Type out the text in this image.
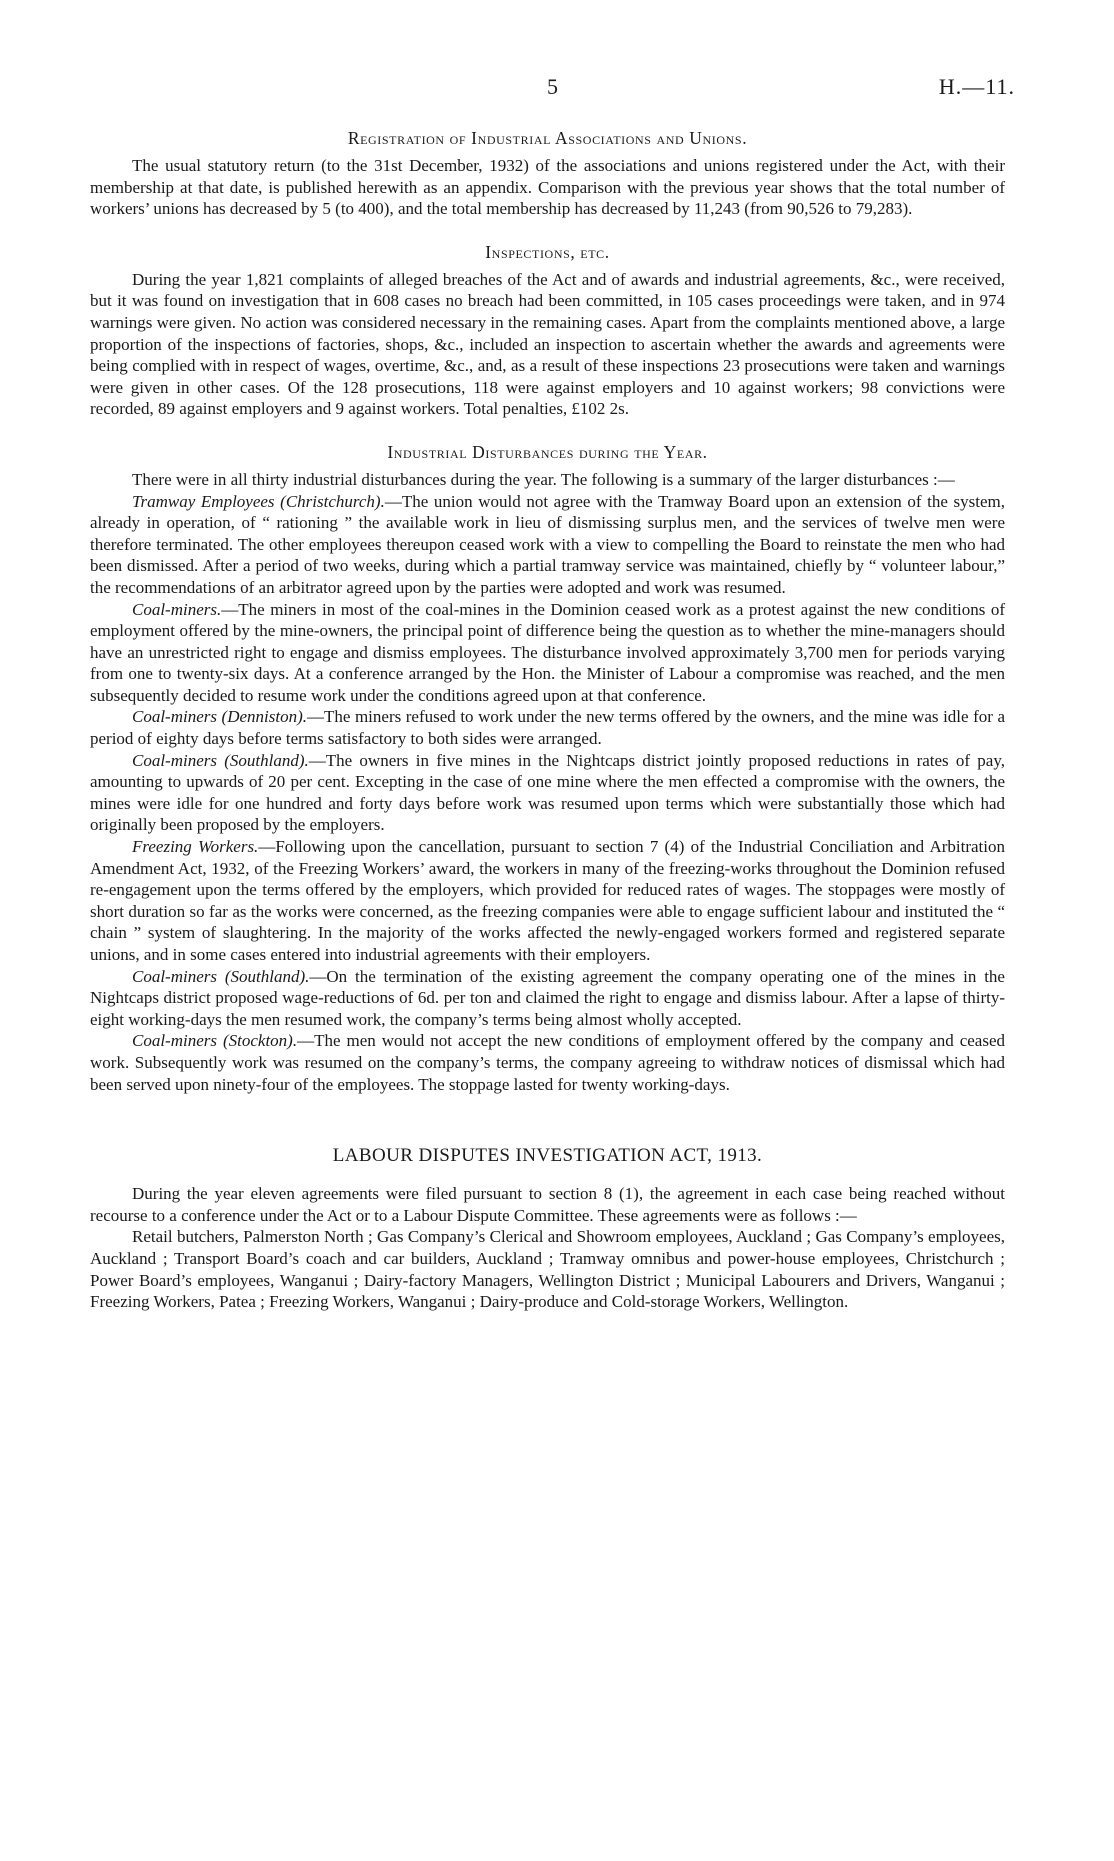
5	H.—11.
Registration of Industrial Associations and Unions.

The usual statutory return (to the 31st December, 1932) of the associations and unions registered under the Act, with their membership at that date, is published herewith as an appendix. Comparison with the previous year shows that the total number of workers’ unions has decreased by 5 (to 400), and the total membership has decreased by 11,243 (from 90,526 to 79,283).

Inspections, etc.

During the year 1,821 complaints of alleged breaches of the Act and of awards and industrial agreements, &c., were received, but it was found on investigation that in 608 cases no breach had been committed, in 105 cases proceedings were taken, and in 974 warnings were given. No action was considered necessary in the remaining cases. Apart from the complaints mentioned above, a large proportion of the inspections of factories, shops, &c., included an inspection to ascertain whether the awards and agreements were being complied with in respect of wages, overtime, &c., and, as a result of these inspections 23 prosecutions were taken and warnings were given in other cases. Of the 128 prosecutions, 118 were against employers and 10 against workers; 98 convictions were recorded, 89 against employers and 9 against workers. Total penalties, £102 2s.

Industrial Disturbances during the Year.

There were in all thirty industrial disturbances during the year. The following is a summary of the larger disturbances :—

Tramway Employees (Christchurch).—The union would not agree with the Tramway Board upon an extension of the system, already in operation, of “ rationing ” the available work in lieu of dismissing surplus men, and the services of twelve men were therefore terminated. The other employees thereupon ceased work with a view to compelling the Board to reinstate the men who had been dismissed. After a period of two weeks, during which a partial tramway service was maintained, chiefly by “ volunteer labour,” the recommendations of an arbitrator agreed upon by the parties were adopted and work was resumed.

Coal-miners.—The miners in most of the coal-mines in the Dominion ceased work as a protest against the new conditions of employment offered by the mine-owners, the principal point of difference being the question as to whether the mine-managers should have an unrestricted right to engage and dismiss employees. The disturbance involved approximately 3,700 men for periods varying from one to twenty-six days. At a conference arranged by the Hon. the Minister of Labour a compromise was reached, and the men subsequently decided to resume work under the conditions agreed upon at that conference.

Coal-miners (Denniston).—The miners refused to work under the new terms offered by the owners, and the mine was idle for a period of eighty days before terms satisfactory to both sides were arranged.

Coal-miners (Southland).—The owners in five mines in the Nightcaps district jointly proposed reductions in rates of pay, amounting to upwards of 20 per cent. Excepting in the case of one mine where the men effected a compromise with the owners, the mines were idle for one hundred and forty days before work was resumed upon terms which were substantially those which had originally been proposed by the employers.

Freezing Workers.—Following upon the cancellation, pursuant to section 7 (4) of the Industrial Conciliation and Arbitration Amendment Act, 1932, of the Freezing Workers’ award, the workers in many of the freezing-works throughout the Dominion refused re-engagement upon the terms offered by the employers, which provided for reduced rates of wages. The stoppages were mostly of short duration so far as the works were concerned, as the freezing companies were able to engage sufficient labour and instituted the “ chain ” system of slaughtering. In the majority of the works affected the newly-engaged workers formed and registered separate unions, and in some cases entered into industrial agreements with their employers.

Coal-miners (Southland).—On the termination of the existing agreement the company operating one of the mines in the Nightcaps district proposed wage-reductions of 6d. per ton and claimed the right to engage and dismiss labour. After a lapse of thirty-eight working-days the men resumed work, the company’s terms being almost wholly accepted.

Coal-miners (Stockton).—The men would not accept the new conditions of employment offered by the company and ceased work. Subsequently work was resumed on the company’s terms, the company agreeing to withdraw notices of dismissal which had been served upon ninety-four of the employees. The stoppage lasted for twenty working-days.

LABOUR DISPUTES INVESTIGATION ACT, 1913.

During the year eleven agreements were filed pursuant to section 8 (1), the agreement in each case being reached without recourse to a conference under the Act or to a Labour Dispute Committee. These agreements were as follows :—

Retail butchers, Palmerston North ; Gas Company’s Clerical and Showroom employees, Auckland ; Gas Company’s employees, Auckland ; Transport Board’s coach and car builders, Auckland ; Tramway omnibus and power-house employees, Christchurch ; Power Board’s employees, Wanganui ; Dairy-factory Managers, Wellington District ; Municipal Labourers and Drivers, Wanganui ; Freezing Workers, Patea ; Freezing Workers, Wanganui ; Dairy-produce and Cold-storage Workers, Wellington.
